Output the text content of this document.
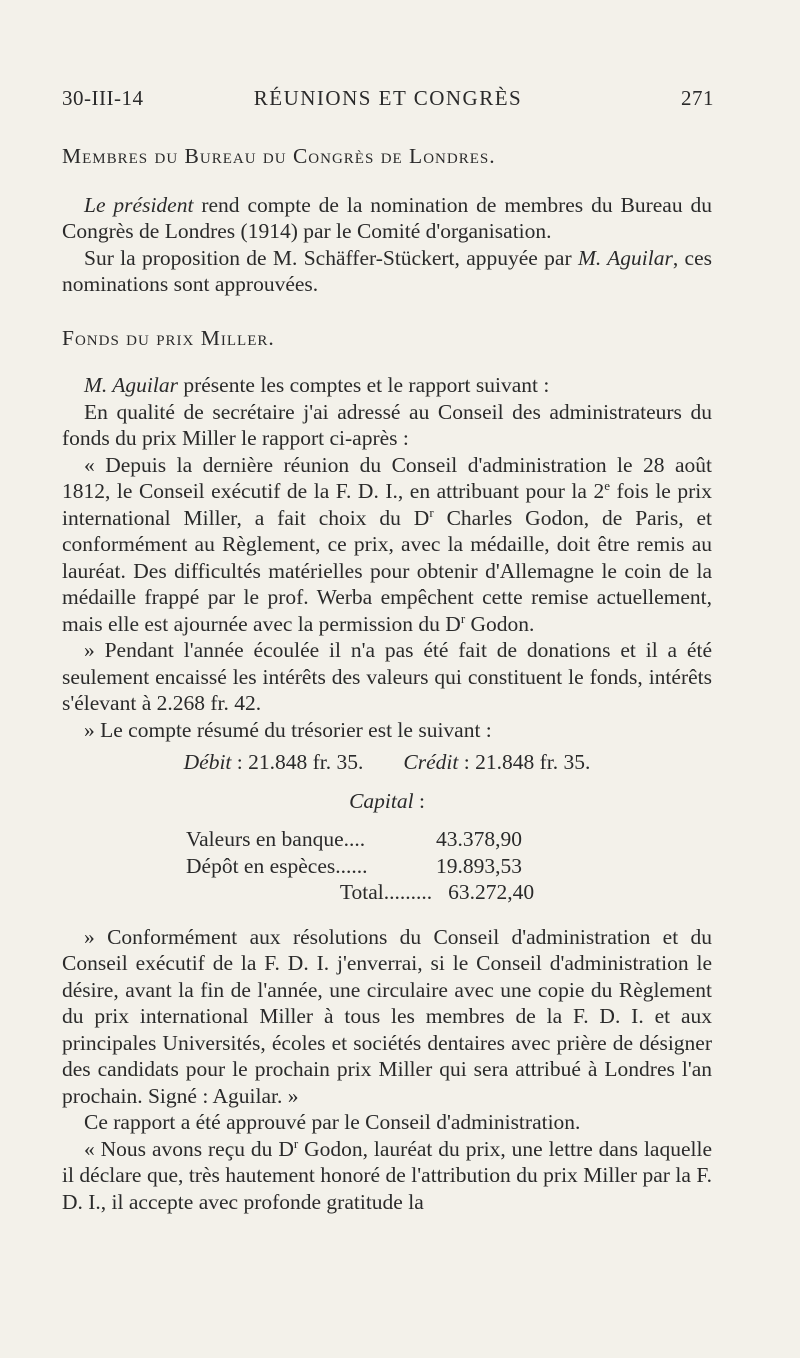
30-III-14	RÉUNIONS ET CONGRÈS	271

Membres du Bureau du Congrès de Londres.

Le président rend compte de la nomination de membres du Bureau du Congrès de Londres (1914) par le Comité d'organisation.

Sur la proposition de M. Schäffer-Stückert, appuyée par M. Aguilar, ces nominations sont approuvées.

Fonds du prix Miller.

M. Aguilar présente les comptes et le rapport suivant :

En qualité de secrétaire j'ai adressé au Conseil des administrateurs du fonds du prix Miller le rapport ci-après :

« Depuis la dernière réunion du Conseil d'administration le 28 août 1812, le Conseil exécutif de la F. D. I., en attribuant pour la 2e fois le prix international Miller, a fait choix du $D^r$ Charles Godon, de Paris, et conformément au Règlement, ce prix, avec la médaille, doit être remis au lauréat. Des difficultés matérielles pour obtenir d'Allemagne le coin de la médaille frappé par le prof. Werba empêchent cette remise actuellement, mais elle est ajournée avec la permission du $D^r$ Godon.

» Pendant l'année écoulée il n'a pas été fait de donations et il a été seulement encaissé les intérêts des valeurs qui constituent le fonds, intérêts s'élevant à 2.268 fr. 42.

» Le compte résumé du trésorier est le suivant :

Débit : 21.848 fr. 35. Crédit : 21.848 fr. 35.
Capital :
Valeurs en banque....	43.378,90
Dépôt en espèces......	19.893,53
Total......... 63.272,40

» Conformément aux résolutions du Conseil d'administration et du Conseil exécutif de la F. D. I. j'enverrai, si le Conseil d'administration le désire, avant la fin de l'année, une circulaire avec une copie du Règlement du prix international Miller à tous les membres de la F. D. I. et aux principales Universités, écoles et sociétés dentaires avec prière de désigner des candidats pour le prochain prix Miller qui sera attribué à Londres l'an prochain. Signé : Aguilar. »

Ce rapport a été approuvé par le Conseil d'administration.

« Nous avons reçu du $D^r$ Godon, lauréat du prix, une lettre dans laquelle il déclare que, très hautement honoré de l'attribution du prix Miller par la F. D. I., il accepte avec profonde gratitude la
